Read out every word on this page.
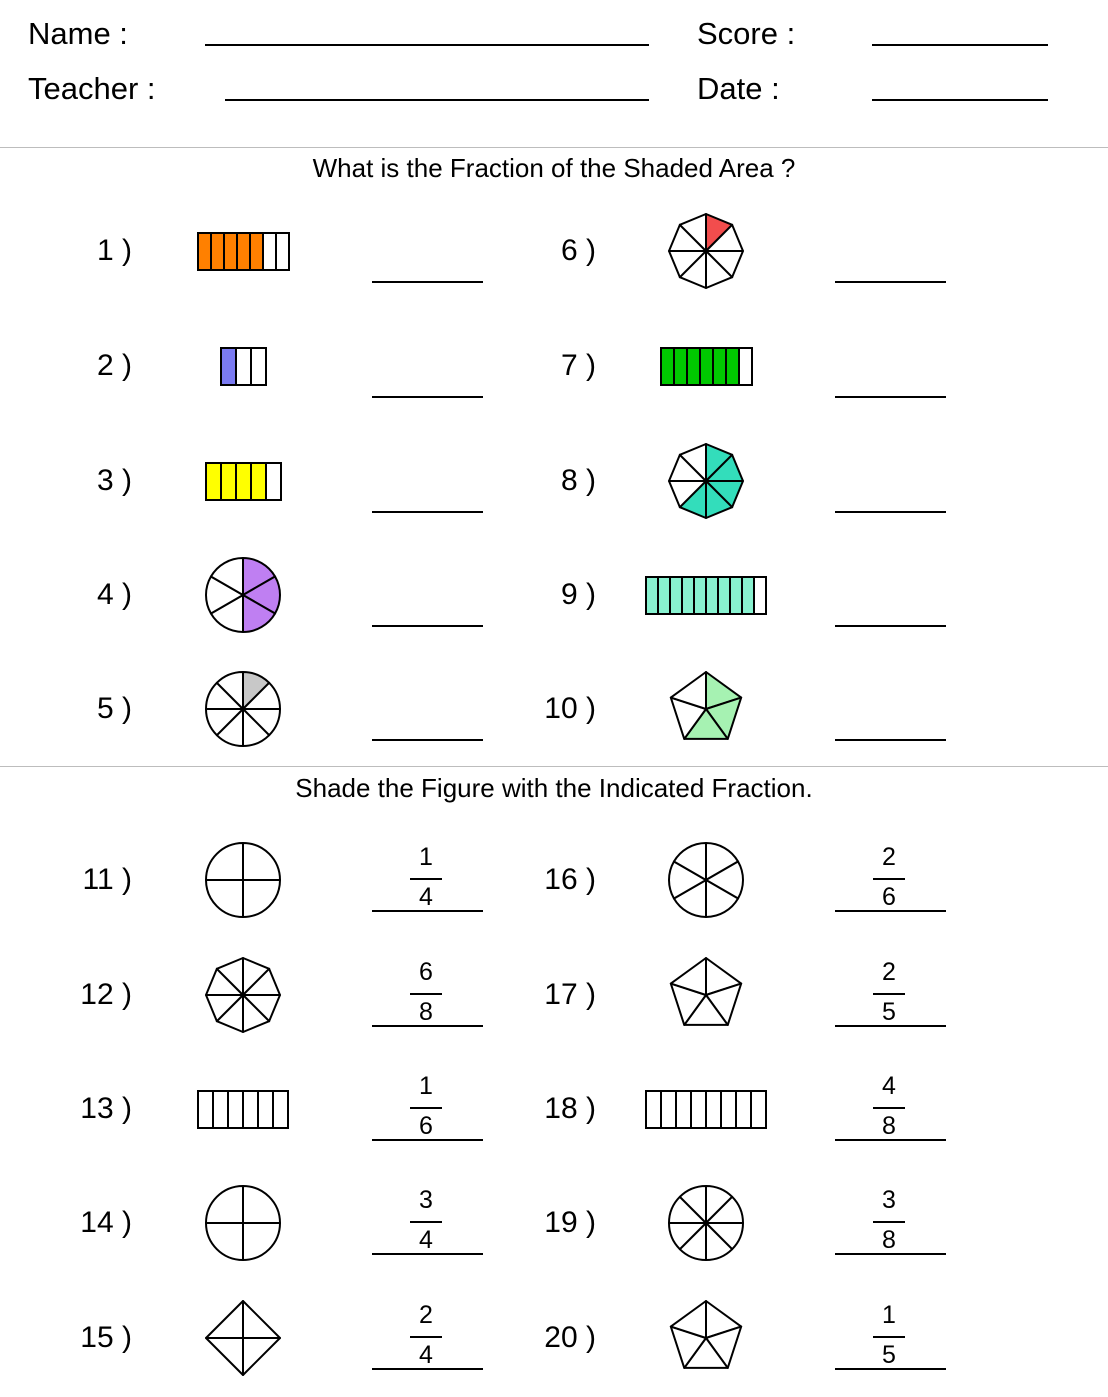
Name :
Teacher :
Score :
Date :
What is the Fraction of the Shaded Area ?
1 )
2 )
3 )
4 )
5 )
6 )
7 )
8 )
9 )
10 )
Shade the Figure with the Indicated Fraction.
11 )
1
4
12 )
6
8
13 )
1
6
14 )
3
4
15 )
2
4
16 )
2
6
17 )
2
5
18 )
4
8
19 )
3
8
20 )
1
5
